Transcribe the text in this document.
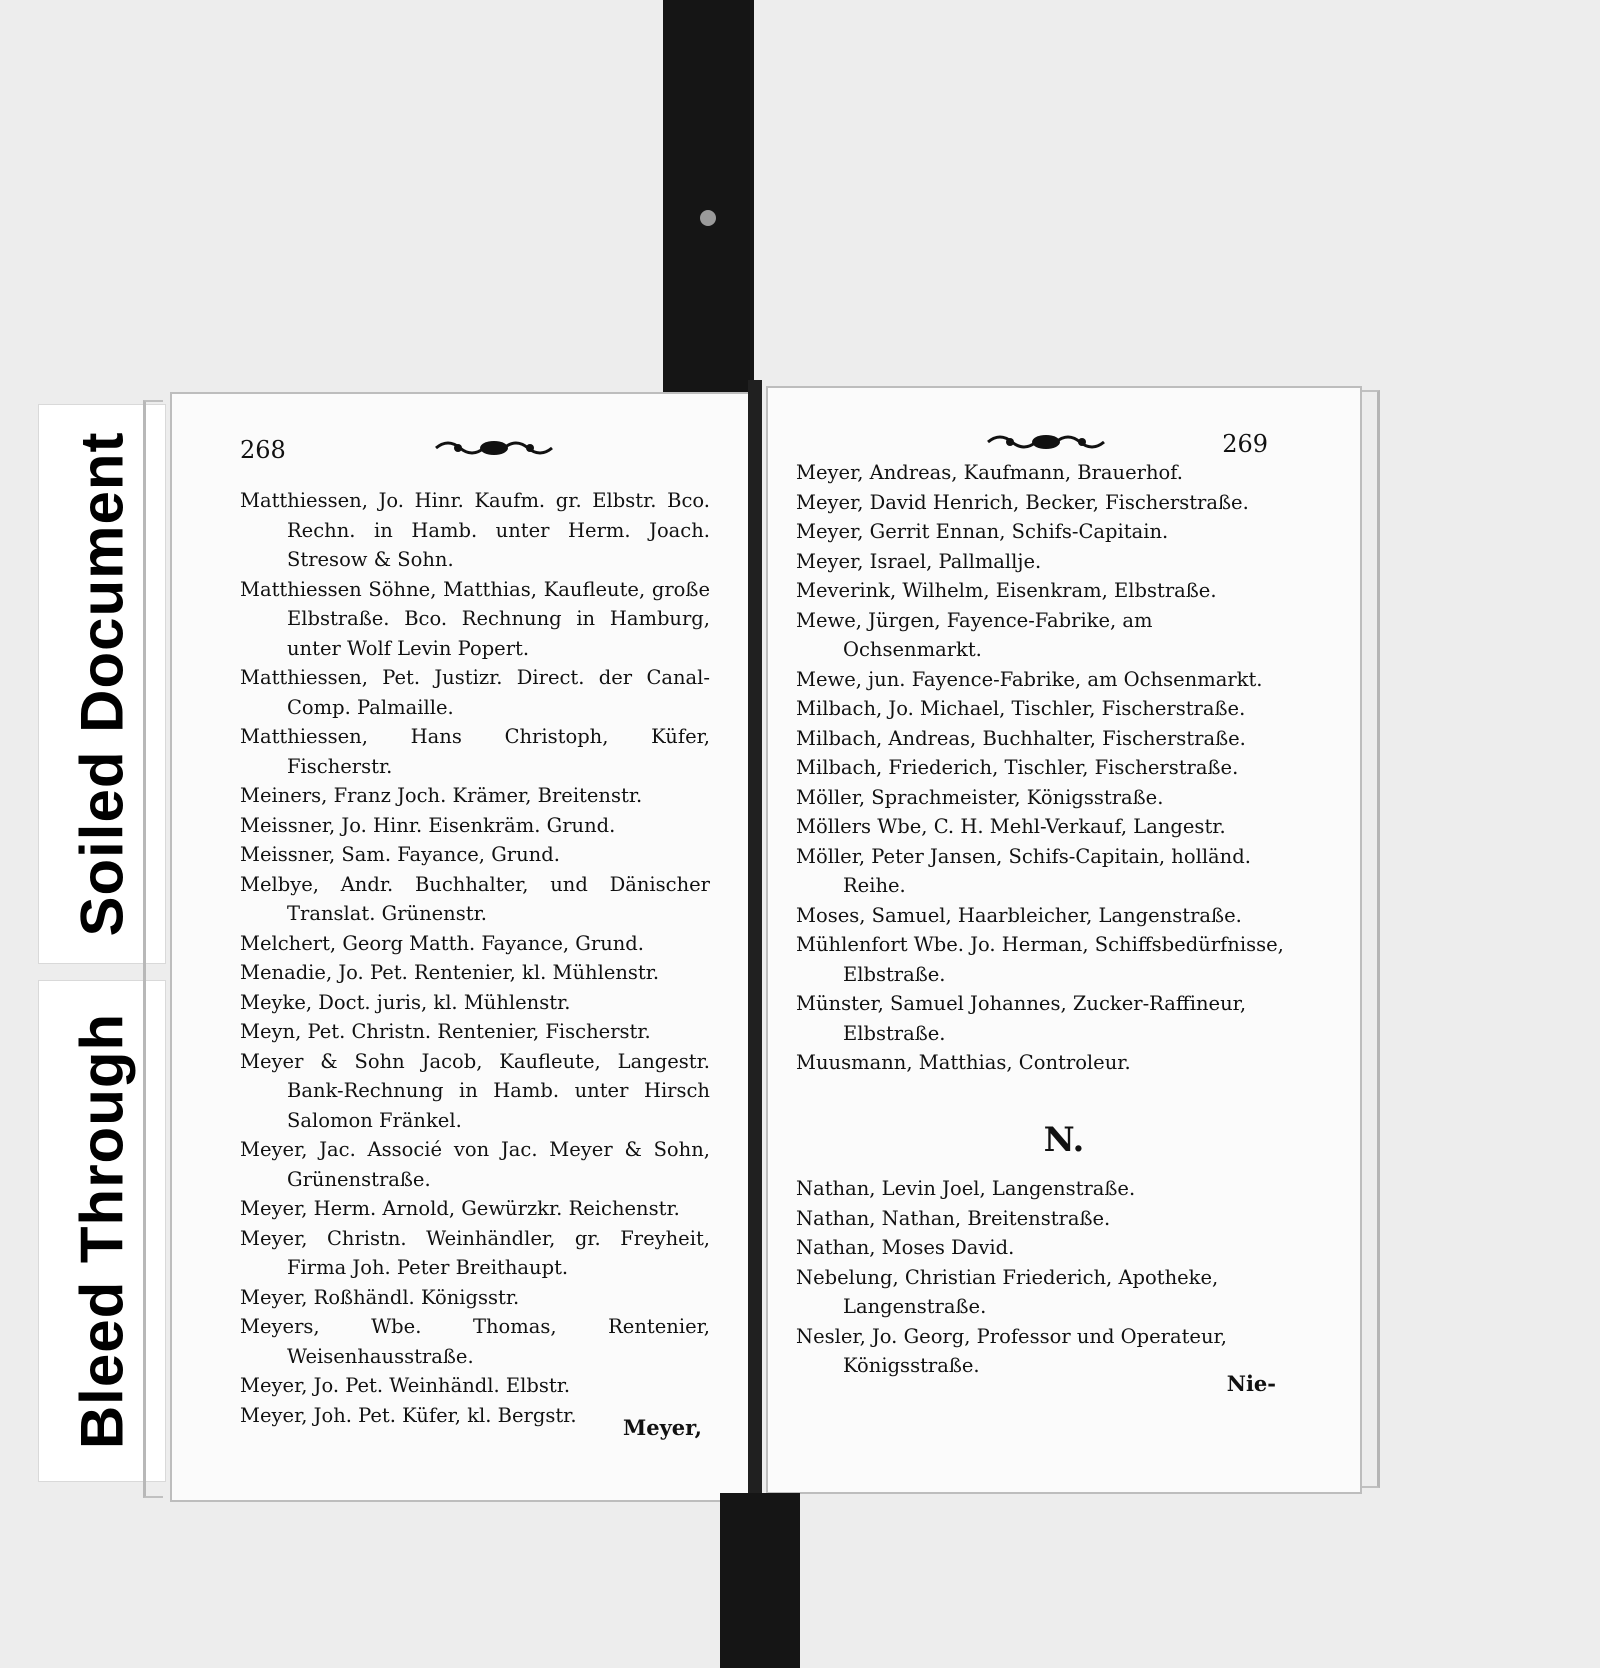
Soiled Document
Bleed Through
268
Matthiessen, Jo. Hinr. Kaufm. gr. Elbstr. Bco. Rechn. in Hamb. unter Herm. Joach. Stresow & Sohn.
Matthiessen Söhne, Matthias, Kaufleute, große Elbstraße. Bco. Rechnung in Hamburg, unter Wolf Levin Popert.
Matthiessen, Pet. Justizr. Direct. der Canal-Comp. Palmaille.
Matthiessen, Hans Christoph, Küfer, Fischerstr.
Meiners, Franz Joch. Krämer, Breitenstr.
Meissner, Jo. Hinr. Eisenkräm. Grund.
Meissner, Sam. Fayance, Grund.
Melbye, Andr. Buchhalter, und Dänischer Translat. Grünenstr.
Melchert, Georg Matth. Fayance, Grund.
Menadie, Jo. Pet. Rentenier, kl. Mühlenstr.
Meyke, Doct. juris, kl. Mühlenstr.
Meyn, Pet. Christn. Rentenier, Fischerstr.
Meyer & Sohn Jacob, Kaufleute, Langestr. Bank-Rechnung in Hamb. unter Hirsch Salomon Fränkel.
Meyer, Jac. Associé von Jac. Meyer & Sohn, Grünenstraße.
Meyer, Herm. Arnold, Gewürzkr. Reichenstr.
Meyer, Christn. Weinhändler, gr. Freyheit, Firma Joh. Peter Breithaupt.
Meyer, Roßhändl. Königsstr.
Meyers, Wbe. Thomas, Rentenier, Weisenhausstraße.
Meyer, Jo. Pet. Weinhändl. Elbstr.
Meyer, Joh. Pet. Küfer, kl. Bergstr.	Meyer,
269
Meyer, Andreas, Kaufmann, Brauerhof.
Meyer, David Henrich, Becker, Fischerstraße.
Meyer, Gerrit Ennan, Schifs-Capitain.
Meyer, Israel, Pallmallje.
Meverink, Wilhelm, Eisenkram, Elbstraße.
Mewe, Jürgen, Fayence-Fabrike, am Ochsenmarkt.
Mewe, jun. Fayence-Fabrike, am Ochsenmarkt.
Milbach, Jo. Michael, Tischler, Fischerstraße.
Milbach, Andreas, Buchhalter, Fischerstraße.
Milbach, Friederich, Tischler, Fischerstraße.
Möller, Sprachmeister, Königsstraße.
Möllers Wbe, C. H. Mehl-Verkauf, Langestr.
Möller, Peter Jansen, Schifs-Capitain, holländ. Reihe.
Moses, Samuel, Haarbleicher, Langenstraße.
Mühlenfort Wbe. Jo. Herman, Schiffsbedürfnisse, Elbstraße.
Münster, Samuel Johannes, Zucker-Raffineur, Elbstraße.
Muusmann, Matthias, Controleur.
N.
Nathan, Levin Joel, Langenstraße.
Nathan, Nathan, Breitenstraße.
Nathan, Moses David.
Nebelung, Christian Friederich, Apotheke, Langenstraße.
Nesler, Jo. Georg, Professor und Operateur, Königsstraße.
Nie-
